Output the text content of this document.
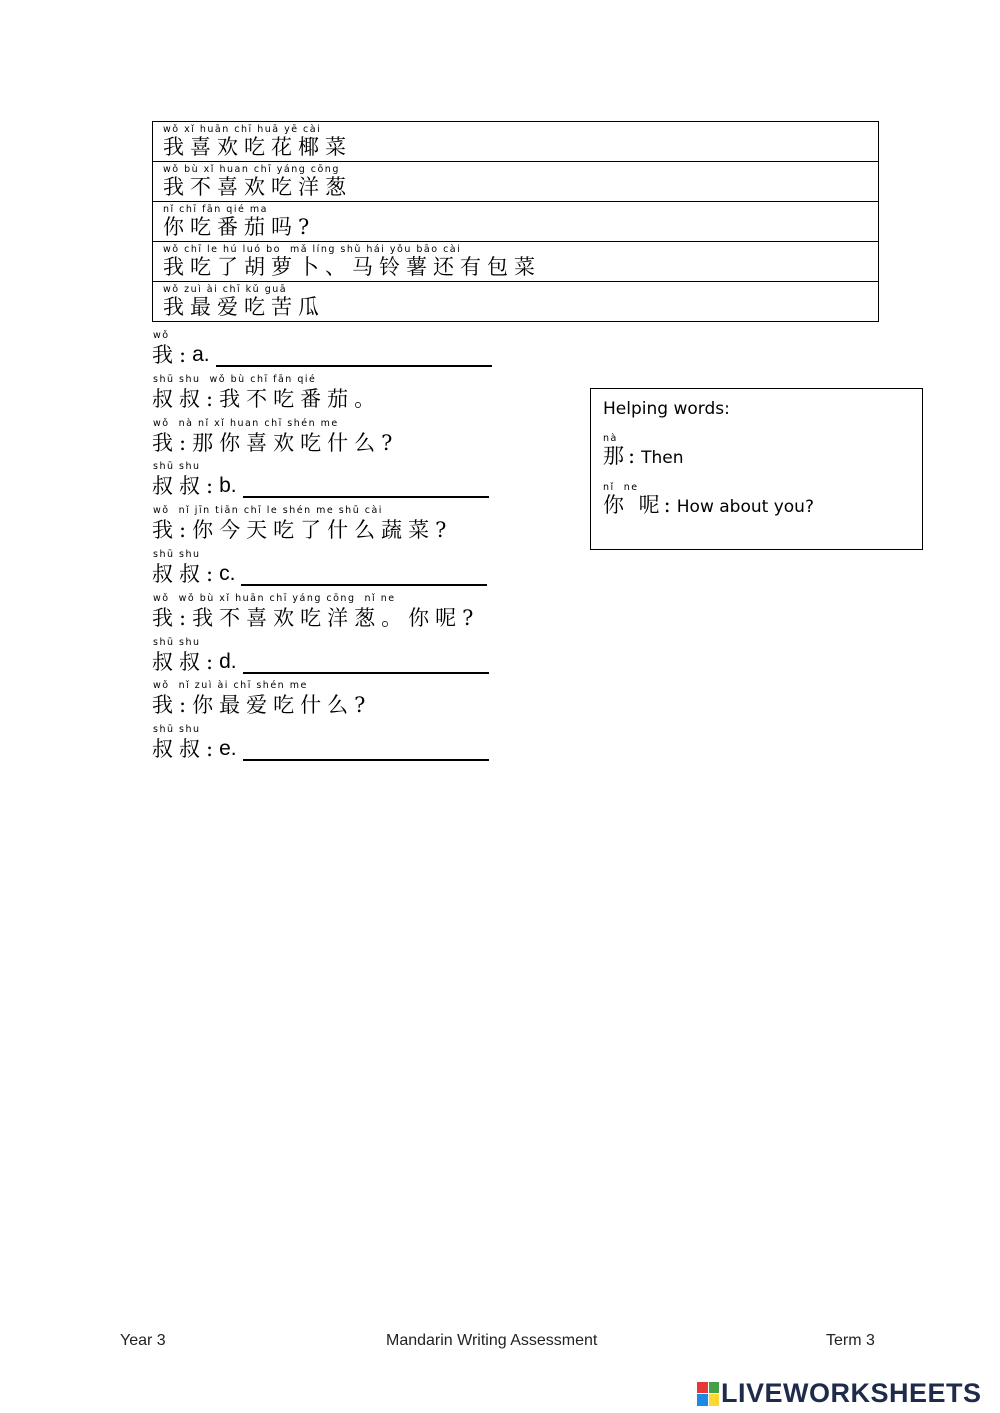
wǒ xǐ huān chī huā yē cài
我喜欢吃花椰菜
wǒ bù xǐ huan chī yáng cōng
我不喜欢吃洋葱
nǐ chī fān qié ma
你吃番茄吗?
wǒ chī le hú luó bo  mǎ líng shǔ hái yǒu bāo cài
我吃了胡萝卜、马铃薯还有包菜
wǒ zuì ài chī kǔ guā
我最爱吃苦瓜
wǒ
我: a.
shū shu  wǒ bù chī fān qié
叔叔:我不吃番茄。
wǒ  nà nǐ xǐ huan chī shén me
我:那你喜欢吃什么?
shū shu
叔叔: b.
wǒ  nǐ jīn tiān chī le shén me shū cài
我:你今天吃了什么蔬菜?
shū shu
叔叔: c.
wǒ  wǒ bù xǐ huān chī yáng cōng  nǐ ne
我:我不喜欢吃洋葱。你呢?
shū shu
叔叔: d.
wǒ  nǐ zuì ài chī shén me
我:你最爱吃什么?
shū shu
叔叔: e.
Helping words:
nà
那: Then
nǐ  ne
你 呢: How about you?
Year 3	Mandarin Writing Assessment	Term 3
LIVEWORKSHEETS
